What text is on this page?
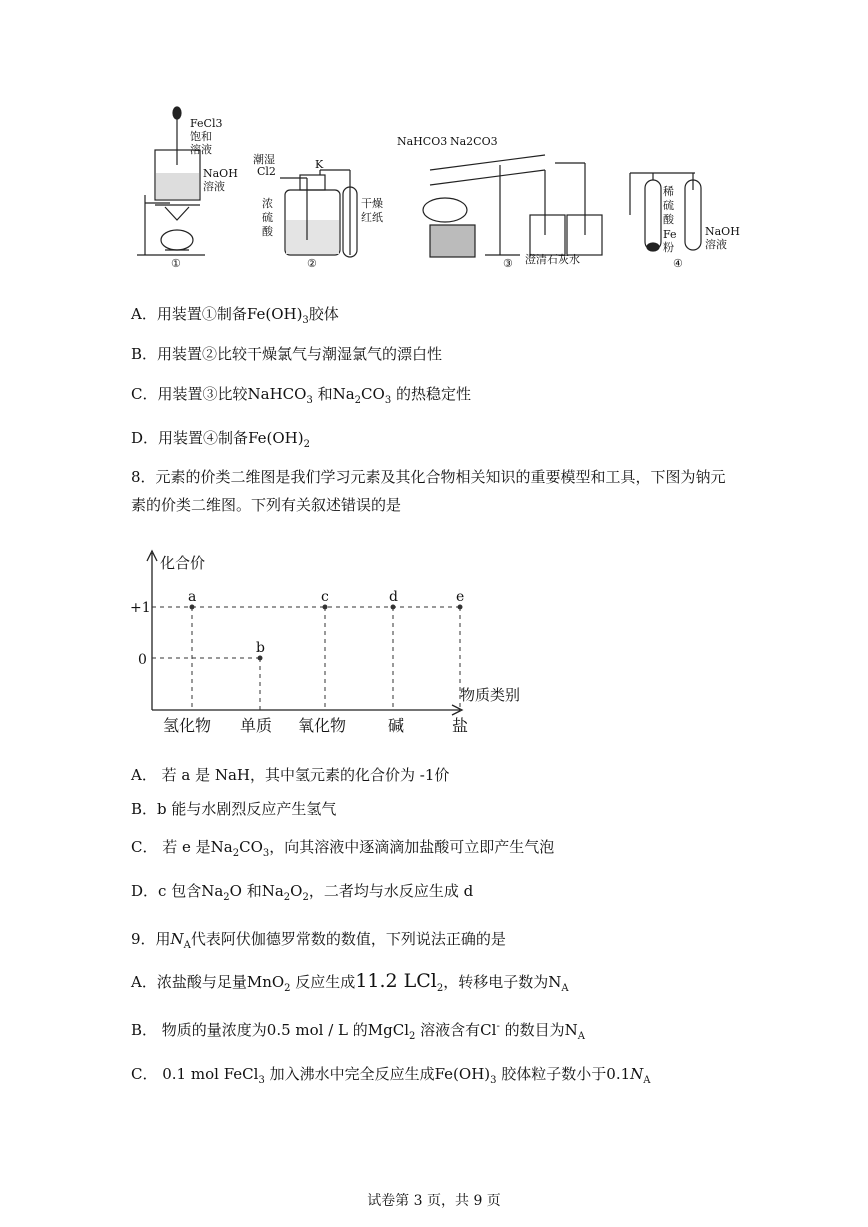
FeCl3
饱和
溶液
NaOH
溶液
①
潮湿
Cl2
K
浓
硫
酸
干燥
红纸
②
NaHCO3 Na2CO3
澄清石灰水
③
稀
硫
酸
Fe
粉
NaOH
溶液
④
A．用装置①制备$Fe(OH)_3$胶体
B．用装置②比较干燥氯气与潮湿氯气的漂白性
C．用装置③比较NaHCO$_3$ 和$Na_2CO_3$ 的热稳定性
D．用装置④制备$Fe(OH)_2$
8．元素的价类二维图是我们学习元素及其化合物相关知识的重要模型和工具，下图为钠元
素的价类二维图。下列有关叙述错误的是
化合价
物质类别
+1
0
氢化物 单质 氧化物	碱	盐
a
b
c	d	e
A． 若 a 是 NaH，其中氢元素的化合价为 -1价
B．b 能与水剧烈反应产生氢气
C． 若 e 是$Na_2CO_3$，向其溶液中逐滴滴加盐酸可立即产生气泡
D．c 包含$Na_2O$ 和$Na_2O_2$，二者均与水反应生成 d
9．用$N_A$代表阿伏伽德罗常数的数值，下列说法正确的是
A．浓盐酸与足量MnO$_2$ 反应生成11.2 LCl$_2$，转移电子数为$N_A$
B． 物质的量浓度为0.5 mol / L 的MgCl$_2$ 溶液含有Cl- 的数目为$N_A$
C． 0.1 mol FeCl$_3$ 加入沸水中完全反应生成$Fe(OH)_3$ 胶体粒子数小于$0.1N_A$
试卷第 3 页，共 9 页
